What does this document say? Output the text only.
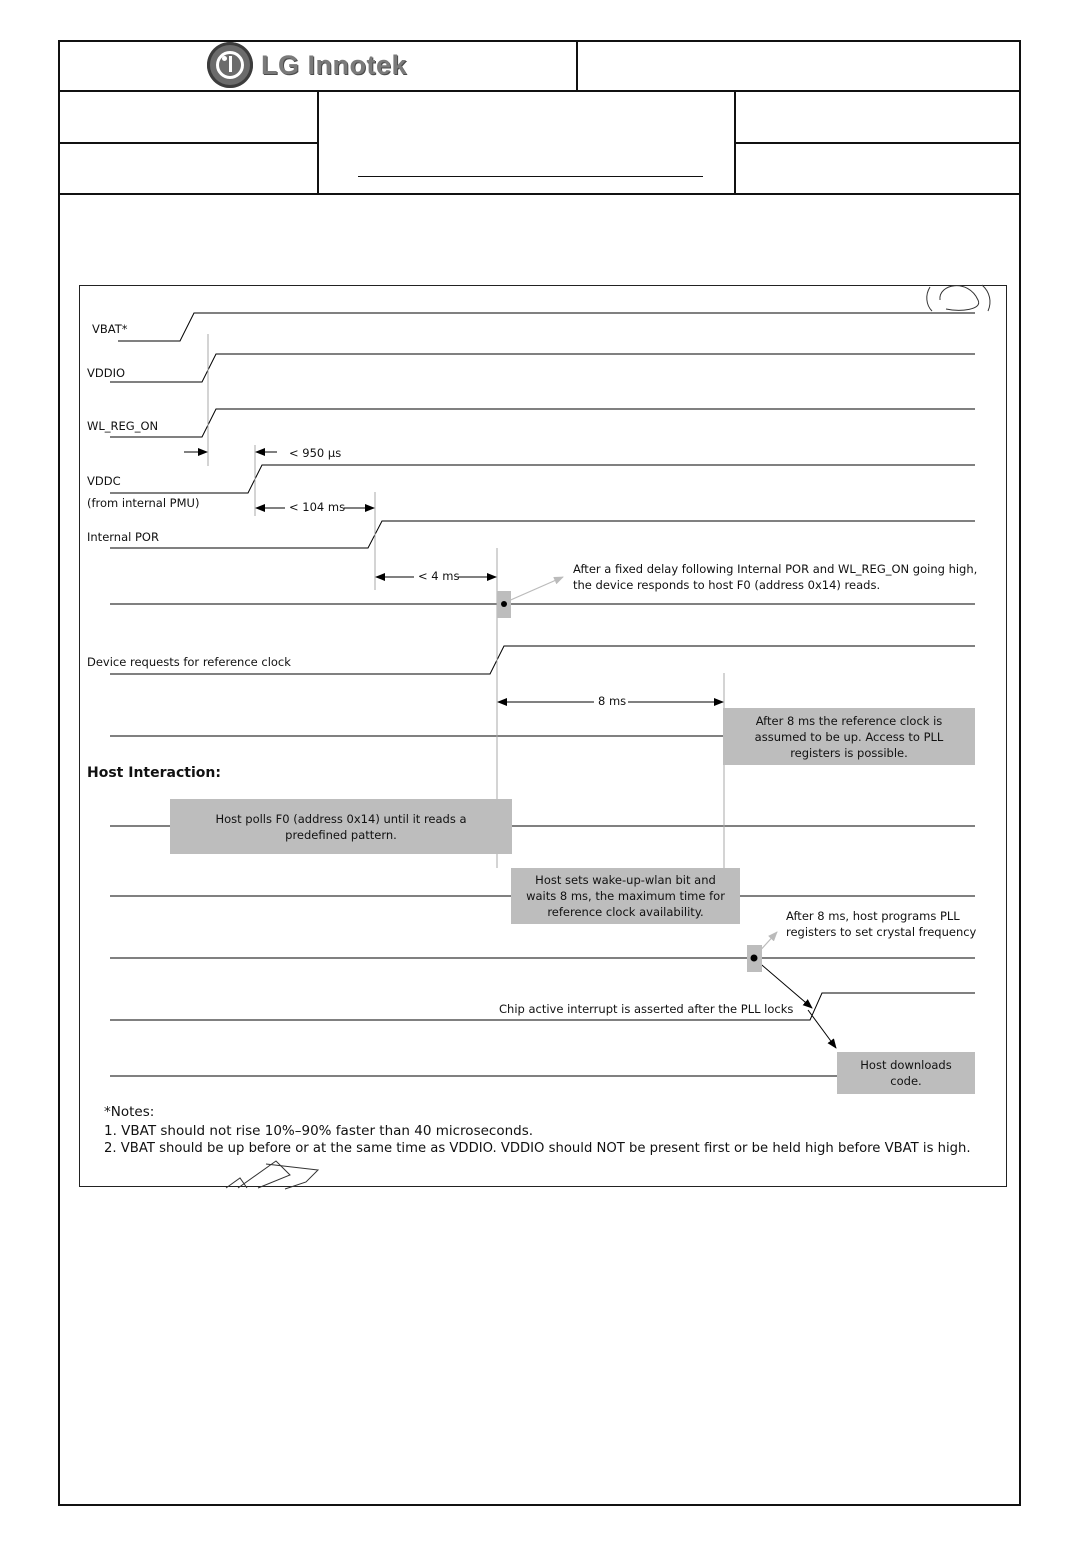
LG Innotek
VBAT*
VDDIO
WL_REG_ON
VDDC
(from internal PMU)
Internal POR
Device requests for reference clock
< 950 µs
< 104 ms
< 4 ms
8 ms
After a fixed delay following Internal POR and WL_REG_ON going high,
the device responds to host F0 (address 0x14) reads.
After 8 ms the reference clock is
assumed to be up. Access to PLL
registers is possible.
Host Interaction:
Host polls F0 (address 0x14) until it reads a
predefined pattern.
Host sets wake-up-wlan bit and
waits 8 ms, the maximum time for
reference clock availability.	After 8 ms, host programs PLL
registers to set crystal frequency
Chip active interrupt is asserted after the PLL locks
Host downloads
code.
*Notes:
1. VBAT should not rise 10%–90% faster than 40 microseconds.
2. VBAT should be up before or at the same time as VDDIO. VDDIO should NOT be present first or be held high before VBAT is high.
